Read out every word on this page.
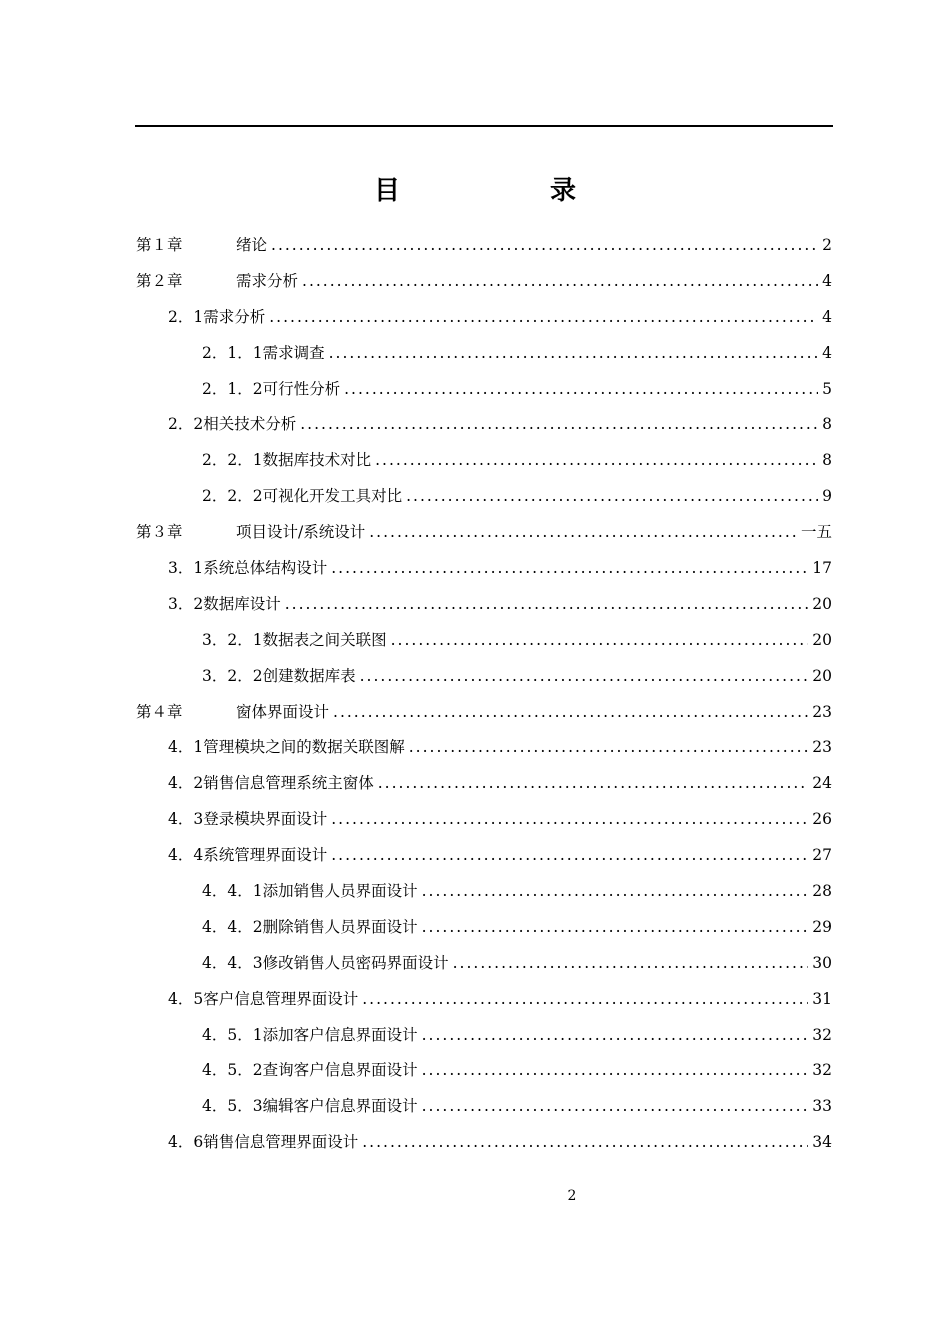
目　录
第１章	绪论 .....	2
第２章	需求分析 .....	4
2．1 需求分析 .....	4
2．1．1 需求调查 .....	4
2．1．2 可行性分析 .....	5
2．2 相关技术分析 .....	8
2．2．1 数据库技术对比 .....	8
2．2．2 可视化开发工具对比 .....	9
第３章	项目设计/系统设计 .....	一五
3．1 系统总体结构设计 .....	17
3．2 数据库设计 .....	20
3．2．1 数据表之间关联图 .....	20
3．2．2 创建数据库表 .....	20
第４章	窗体界面设计 .....	23
4．1 管理模块之间的数据关联图解 .....	23
4．2 销售信息管理系统主窗体 .....	24
4．3 登录模块界面设计 .....	26
4．4 系统管理界面设计 .....	27
4．4．1 添加销售人员界面设计 .....	28
4．4．2 删除销售人员界面设计 .....	29
4．4．3 修改销售人员密码界面设计 .....	30
4．5 客户信息管理界面设计 .....	31
4．5．1 添加客户信息界面设计 .....	32
4．5．2 查询客户信息界面设计 .....	32
4．5．3 编辑客户信息界面设计 .....	33
4．6 销售信息管理界面设计 .....	34
2
